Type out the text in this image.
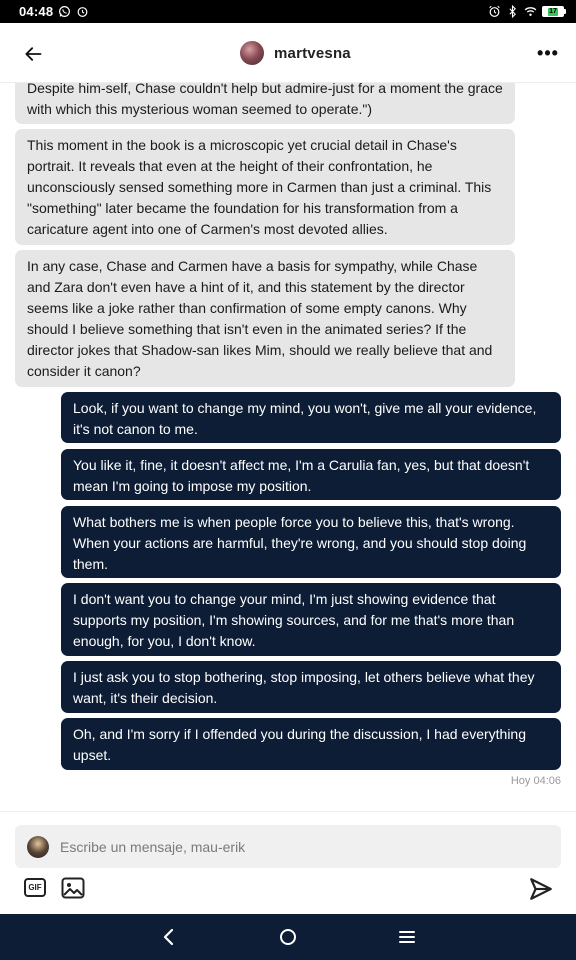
04:48	17
martvesna	•••
Despite him-self, Chase couldn't help but admire-just for a moment the grace with which this mysterious woman seemed to operate.")
This moment in the book is a microscopic yet crucial detail in Chase's portrait. It reveals that even at the height of their confrontation, he unconsciously sensed something more in Carmen than just a criminal. This "something" later became the foundation for his transformation from a caricature agent into one of Carmen's most devoted allies.
In any case, Chase and Carmen have a basis for sympathy, while Chase and Zara don't even have a hint of it, and this statement by the director seems like a joke rather than confirmation of some empty canons. Why should I believe something that isn't even in the animated series? If the director jokes that Shadow-san likes Mim, should we really believe that and consider it canon?
Look, if you want to change my mind, you won't, give me all your evidence, it's not canon to me.
You like it, fine, it doesn't affect me, I'm a Carulia fan, yes, but that doesn't mean I'm going to impose my position.
What bothers me is when people force you to believe this, that's wrong. When your actions are harmful, they're wrong, and you should stop doing them.
I don't want you to change your mind, I'm just showing evidence that supports my position, I'm showing sources, and for me that's more than enough, for you, I don't know.
I just ask you to stop bothering, stop imposing, let others believe what they want, it's their decision.
Oh, and I'm sorry if I offended you during the discussion, I had everything upset.
Hoy 04:06
Escribe un mensaje, mau-erik
GIF
